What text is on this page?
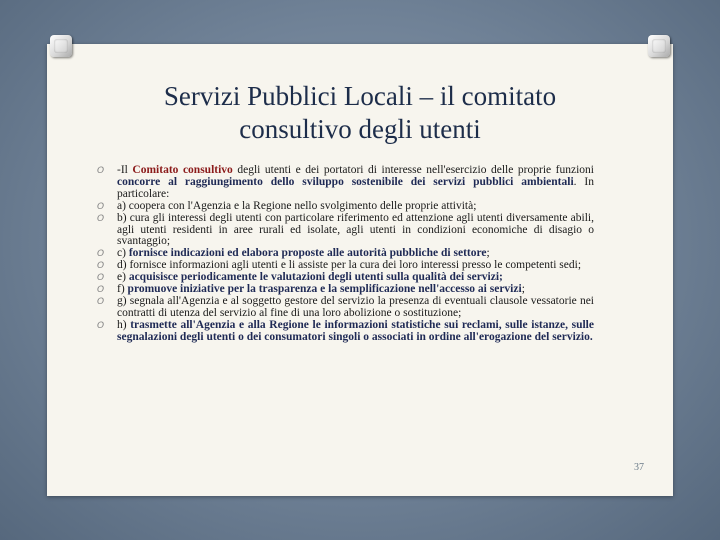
Servizi Pubblici Locali – il comitato
consultivo degli utenti
O -Il Comitato consultivo degli utenti e dei portatori di interesse nell'esercizio delle proprie funzioni concorre al raggiungimento dello sviluppo sostenibile dei servizi pubblici ambientali. In particolare:
O a) coopera con l'Agenzia e la Regione nello svolgimento delle proprie attività;
O b) cura gli interessi degli utenti con particolare riferimento ed attenzione agli utenti diversamente abili, agli utenti residenti in aree rurali ed isolate, agli utenti in condizioni economiche di disagio o svantaggio;
O c) fornisce indicazioni ed elabora proposte alle autorità pubbliche di settore;
O d) fornisce informazioni agli utenti e li assiste per la cura dei loro interessi presso le competenti sedi;
O e) acquisisce periodicamente le valutazioni degli utenti sulla qualità dei servizi;
O f) promuove iniziative per la trasparenza e la semplificazione nell'accesso ai servizi;
O g) segnala all'Agenzia e al soggetto gestore del servizio la presenza di eventuali clausole vessatorie nei contratti di utenza del servizio al fine di una loro abolizione o sostituzione;
O h) trasmette all'Agenzia e alla Regione le informazioni statistiche sui reclami, sulle istanze, sulle segnalazioni degli utenti o dei consumatori singoli o associati in ordine all'erogazione del servizio.
37
